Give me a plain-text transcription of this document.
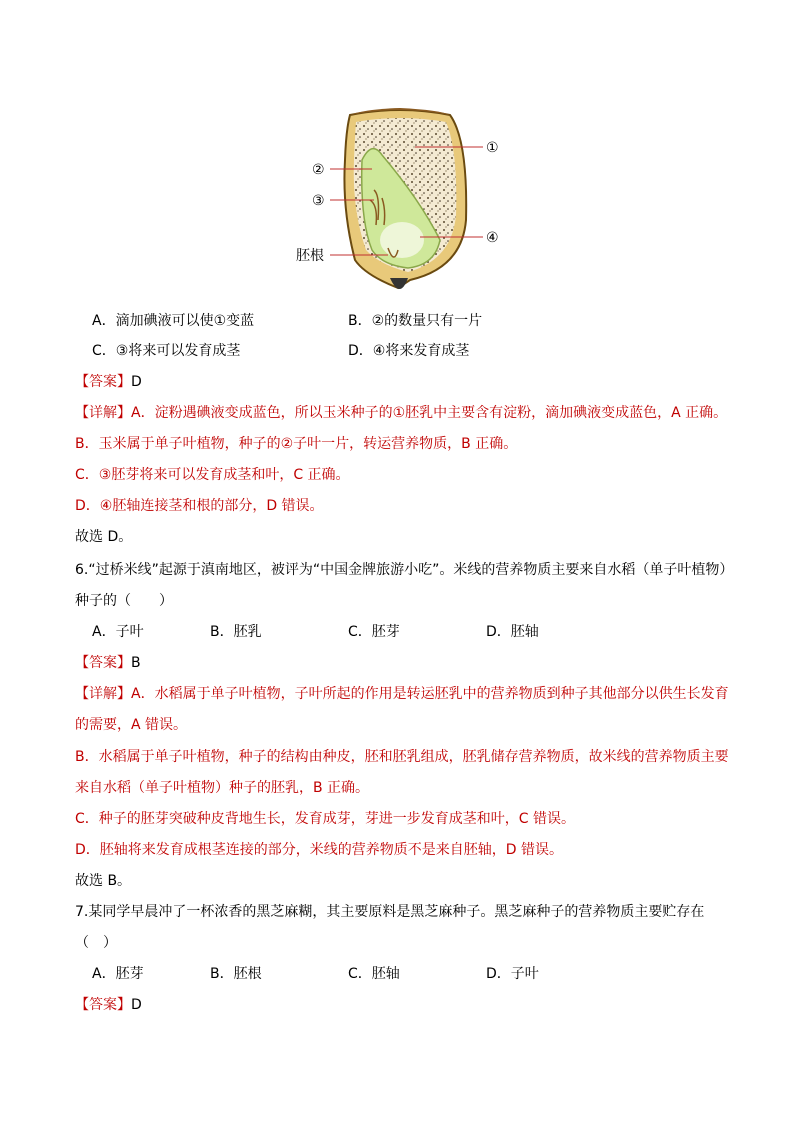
①
②
③
④
胚根
A．滴加碘液可以使①变蓝	B．②的数量只有一片
C．③将来可以发育成茎	D．④将来发育成茎
【答案】D
【详解】A．淀粉遇碘液变成蓝色，所以玉米种子的①胚乳中主要含有淀粉，滴加碘液变成蓝色，A 正确。
B．玉米属于单子叶植物，种子的②子叶一片，转运营养物质，B 正确。
C．③胚芽将来可以发育成茎和叶，C 正确。
D．④胚轴连接茎和根的部分，D 错误。
故选 D。
6.“过桥米线”起源于滇南地区，被评为“中国金牌旅游小吃”。米线的营养物质主要来自水稻（单子叶植物）
种子的（　　）
A．子叶	B．胚乳	C．胚芽	D．胚轴
【答案】B
【详解】A．水稻属于单子叶植物，子叶所起的作用是转运胚乳中的营养物质到种子其他部分以供生长发育
的需要，A 错误。
B．水稻属于单子叶植物，种子的结构由种皮，胚和胚乳组成，胚乳储存营养物质，故米线的营养物质主要
来自水稻（单子叶植物）种子的胚乳，B 正确。
C．种子的胚芽突破种皮背地生长，发育成芽，芽进一步发育成茎和叶，C 错误。
D．胚轴将来发育成根茎连接的部分，米线的营养物质不是来自胚轴，D 错误。
故选 B。
7.某同学早晨冲了一杯浓香的黑芝麻糊，其主要原料是黑芝麻种子。黑芝麻种子的营养物质主要贮存在
（　）
A．胚芽	B．胚根	C．胚轴	D．子叶
【答案】D
